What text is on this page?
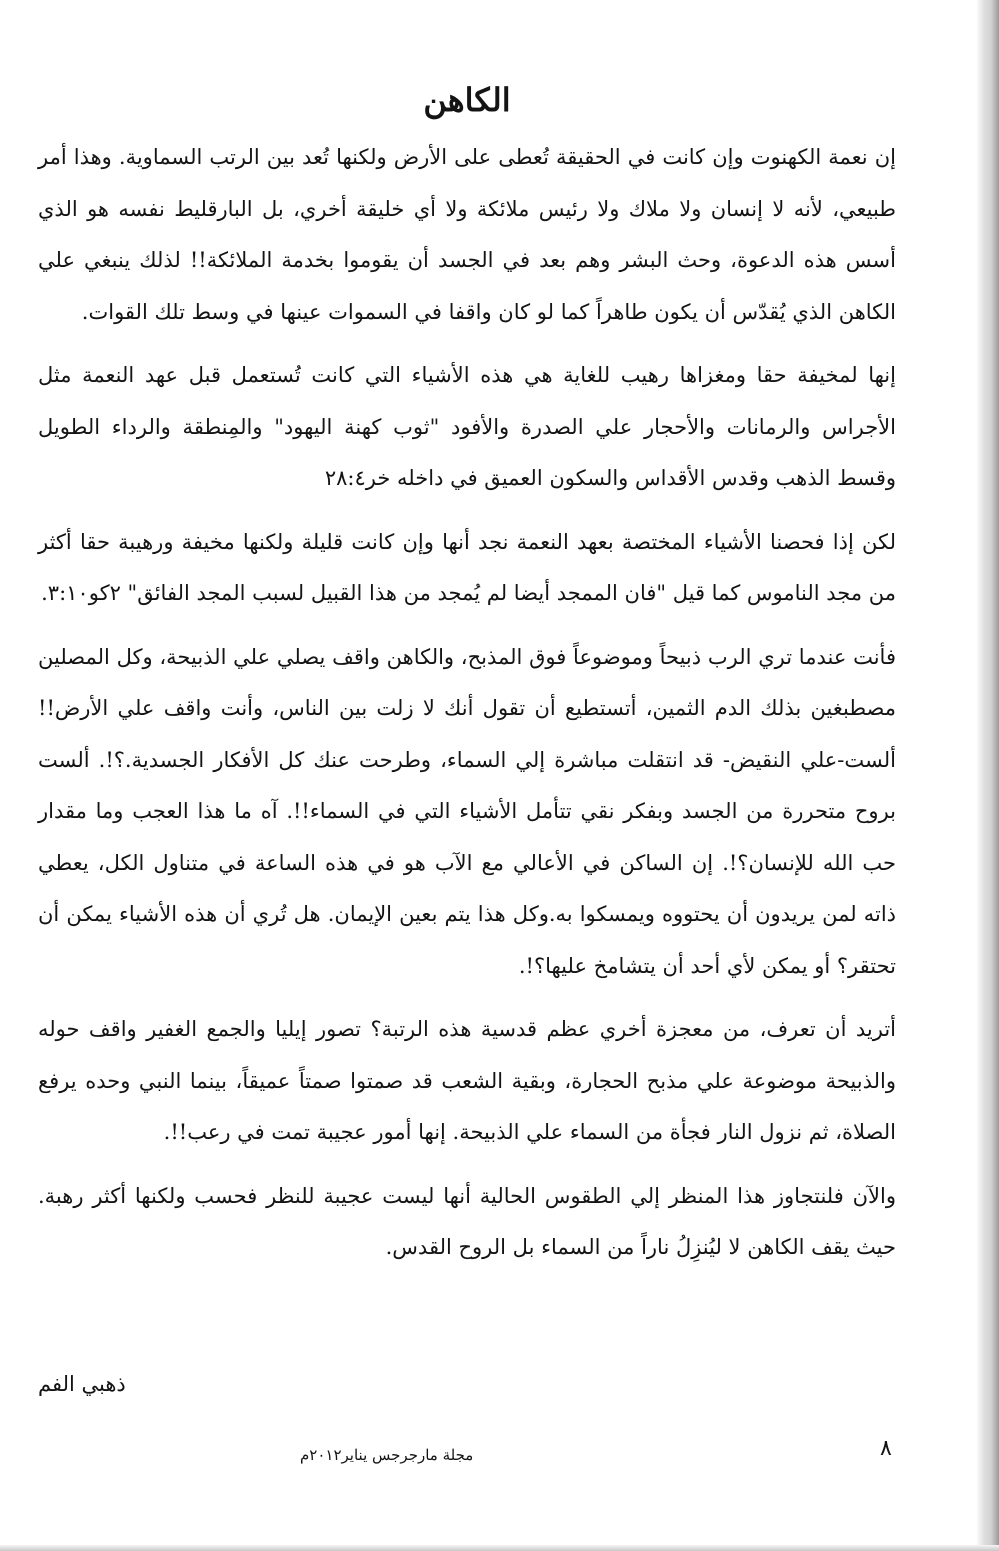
الكاهن

إن نعمة الكهنوت وإن كانت في الحقيقة تُعطى على الأرض ولكنها تُعد بين الرتب السماوية. وهذا أمر طبيعي، لأنه لا إنسان ولا ملاك ولا رئيس ملائكة ولا أي خليقة أخري، بل البارقليط نفسه هو الذي أسس هذه الدعوة، وحث البشر وهم بعد في الجسد أن يقوموا بخدمة الملائكة!! لذلك ينبغي علي الكاهن الذي يُقدّس أن يكون طاهراً كما لو كان واقفا في السموات عينها في وسط تلك القوات.

إنها لمخيفة حقا ومغزاها رهيب للغاية هي هذه الأشياء التي كانت تُستعمل قبل عهد النعمة مثل الأجراس والرمانات والأحجار علي الصدرة والأفود "ثوب كهنة اليهود" والمِنطقة والرداء الطويل وقسط الذهب وقدس الأقداس والسكون العميق في داخله خر٢٨:٤

لكن إذا فحصنا الأشياء المختصة بعهد النعمة نجد أنها وإن كانت قليلة ولكنها مخيفة ورهيبة حقا أكثر من مجد الناموس كما قيل "فان الممجد أيضا لم يُمجد من هذا القبيل لسبب المجد الفائق" ٢كو٣:١٠.

فأنت عندما تري الرب ذبيحاً وموضوعاً فوق المذبح، والكاهن واقف يصلي علي الذبيحة، وكل المصلين مصطبغين بذلك الدم الثمين، أتستطيع أن تقول أنك لا زلت بين الناس، وأنت واقف علي الأرض!! ألست-علي النقيض- قد انتقلت مباشرة إلي السماء، وطرحت عنك كل الأفكار الجسدية.؟!. ألست بروح متحررة من الجسد وبفكر نقي تتأمل الأشياء التي في السماء!!. آه ما هذا العجب وما مقدار حب الله للإنسان؟!. إن الساكن في الأعالي مع الآب هو في هذه الساعة في متناول الكل، يعطي ذاته لمن يريدون أن يحتووه ويمسكوا به.وكل هذا يتم بعين الإيمان. هل تُري أن هذه الأشياء يمكن أن تحتقر؟ أو يمكن لأي أحد أن يتشامخ عليها؟!.

أتريد أن تعرف، من معجزة أخري عظم قدسية هذه الرتبة؟ تصور إيليا والجمع الغفير واقف حوله والذبيحة موضوعة علي مذبح الحجارة، وبقية الشعب قد صمتوا صمتاً عميقاً، بينما النبي وحده يرفع الصلاة، ثم نزول النار فجأة من السماء علي الذبيحة. إنها أمور عجيبة تمت في رعب!!.

والآن فلنتجاوز هذا المنظر إلي الطقوس الحالية أنها ليست عجيبة للنظر فحسب ولكنها أكثر رهبة. حيث يقف الكاهن لا ليُنزِلُ ناراً من السماء بل الروح القدس.

ذهبي الفم
مجلة مارجرجس يناير٢٠١٢م	٨
